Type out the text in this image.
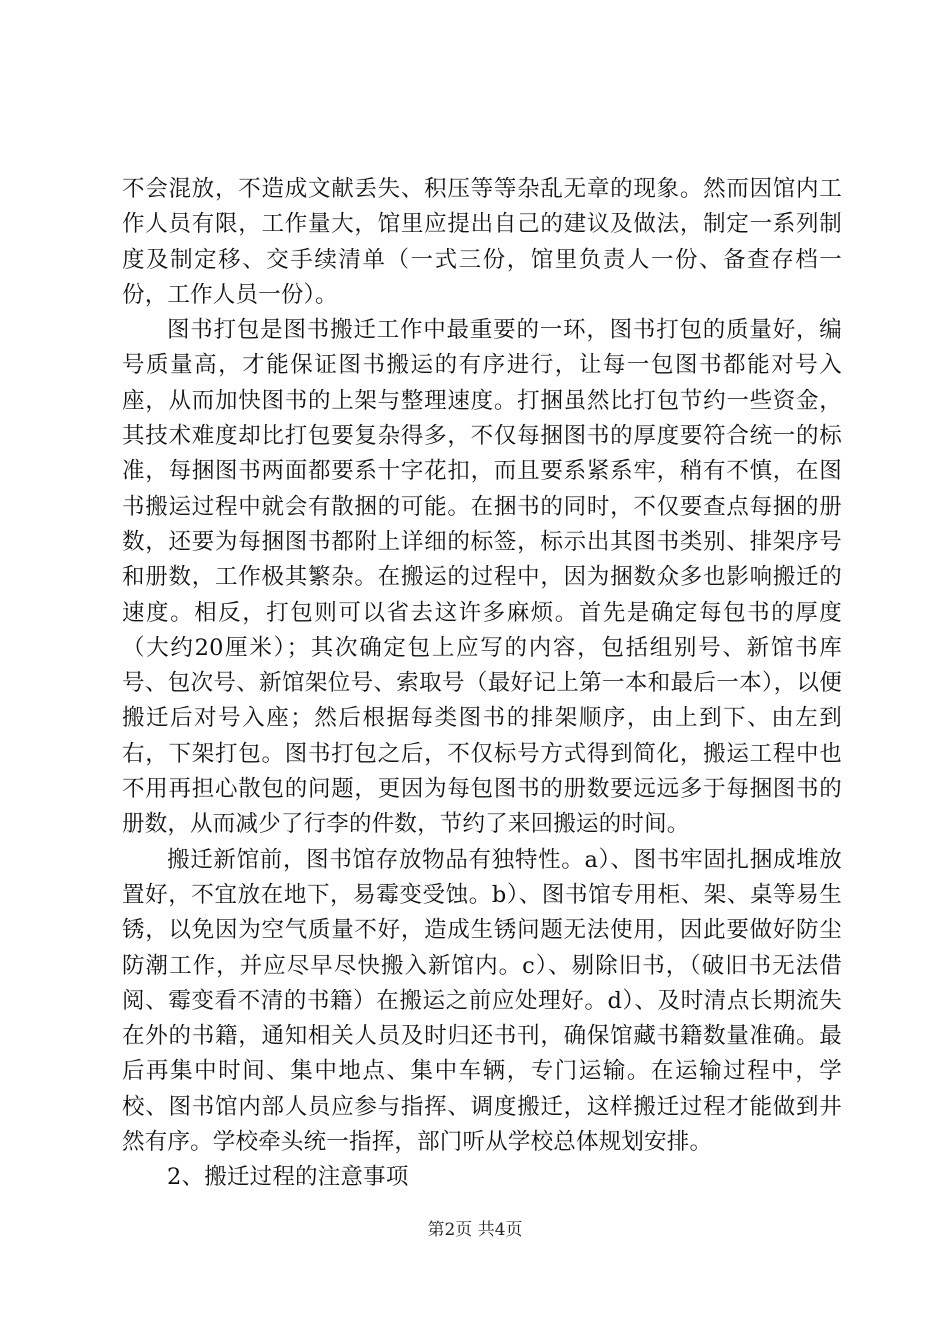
不会混放，不造成文献丢失、积压等等杂乱无章的现象。然而因馆内工作人员有限，工作量大，馆里应提出自己的建议及做法，制定一系列制度及制定移、交手续清单（一式三份，馆里负责人一份、备查存档一份，工作人员一份）。

图书打包是图书搬迁工作中最重要的一环，图书打包的质量好，编号质量高，才能保证图书搬运的有序进行，让每一包图书都能对号入座，从而加快图书的上架与整理速度。打捆虽然比打包节约一些资金，其技术难度却比打包要复杂得多，不仅每捆图书的厚度要符合统一的标准，每捆图书两面都要系十字花扣，而且要系紧系牢，稍有不慎，在图书搬运过程中就会有散捆的可能。在捆书的同时，不仅要查点每捆的册数，还要为每捆图书都附上详细的标签，标示出其图书类别、排架序号和册数，工作极其繁杂。在搬运的过程中，因为捆数众多也影响搬迁的速度。相反，打包则可以省去这许多麻烦。首先是确定每包书的厚度（大约20厘米）；其次确定包上应写的内容，包括组别号、新馆书库号、包次号、新馆架位号、索取号（最好记上第一本和最后一本），以便搬迁后对号入座；然后根据每类图书的排架顺序，由上到下、由左到右，下架打包。图书打包之后，不仅标号方式得到简化，搬运工程中也不用再担心散包的问题，更因为每包图书的册数要远远多于每捆图书的册数，从而减少了行李的件数，节约了来回搬运的时间。

搬迁新馆前，图书馆存放物品有独特性。a）、图书牢固扎捆成堆放置好，不宜放在地下，易霉变受蚀。b）、图书馆专用柜、架、桌等易生锈，以免因为空气质量不好，造成生锈问题无法使用，因此要做好防尘防潮工作，并应尽早尽快搬入新馆内。c）、剔除旧书，（破旧书无法借阅、霉变看不清的书籍）在搬运之前应处理好。d）、及时清点长期流失在外的书籍，通知相关人员及时归还书刊，确保馆藏书籍数量准确。最后再集中时间、集中地点、集中车辆，专门运输。在运输过程中，学校、图书馆内部人员应参与指挥、调度搬迁，这样搬迁过程才能做到井然有序。学校牵头统一指挥，部门听从学校总体规划安排。

2、搬迁过程的注意事项

第2页 共4页
